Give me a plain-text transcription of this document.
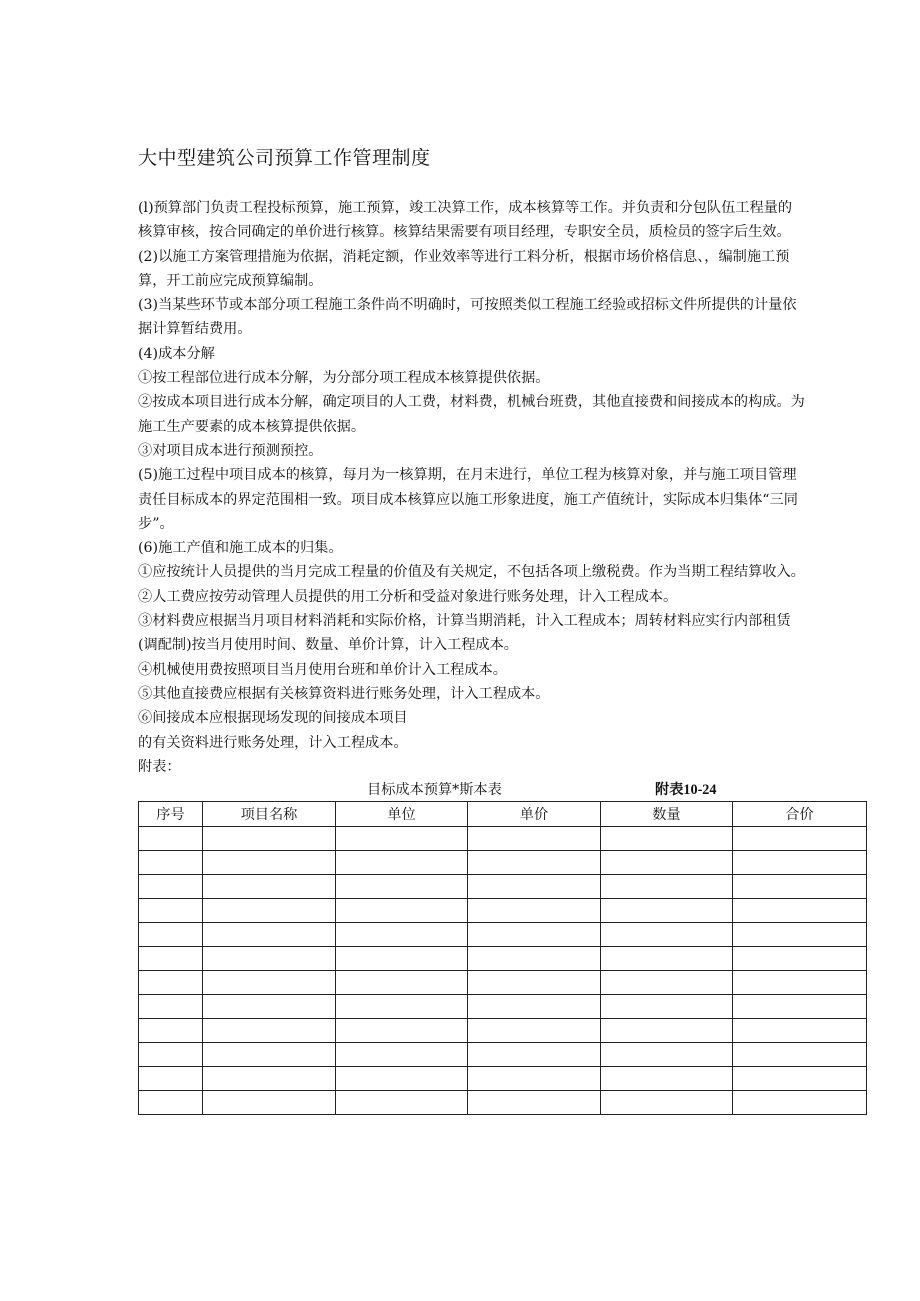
大中型建筑公司预算工作管理制度
(l)预算部门负责工程投标预算，施工预算，竣工决算工作，成本核算等工作。并负责和分包队伍工程量的
核算审核，按合同确定的单价进行核算。核算结果需要有项目经理，专职安全员，质检员的签字后生效。
(2)以施工方案管理措施为依据，消耗定额，作业效率等进行工料分析，根据市场价格信息、，编制施工预
算，开工前应完成预算编制。
(3)当某些环节或本部分项工程施工条件尚不明确时，可按照类似工程施工经验或招标文件所提供的计量依
据计算暂结费用。
(4)成本分解
①按工程部位进行成本分解，为分部分项工程成本核算提供依据。
②按成本项目进行成本分解，确定项目的人工费，材料费，机械台班费，其他直接费和间接成本的构成。为
施工生产要素的成本核算提供依据。
③对项目成本进行预测预控。
(5)施工过程中项目成本的核算，每月为一核算期，在月末进行，单位工程为核算对象，并与施工项目管理
责任目标成本的界定范围相一致。项目成本核算应以施工形象进度，施工产值统计，实际成本归集体“三同
步”。
(6)施工产值和施工成本的归集。
①应按统计人员提供的当月完成工程量的价值及有关规定，不包括各项上缴税费。作为当期工程结算收入。
②人工费应按劳动管理人员提供的用工分析和受益对象进行账务处理，计入工程成本。
③材料费应根据当月项目材料消耗和实际价格，计算当期消耗，计入工程成本；周转材料应实行内部租赁
(调配制)按当月使用时间、数量、单价计算，计入工程成本。
④机械使用费按照项目当月使用台班和单价计入工程成本。
⑤其他直接费应根据有关核算资料进行账务处理，计入工程成本。
⑥间接成本应根据现场发现的间接成本项目
的有关资料进行账务处理，计入工程成本。
附表：
目标成本预算*斯本表	附表10-24
序号	项目名称	单位	单价	数量	合价
